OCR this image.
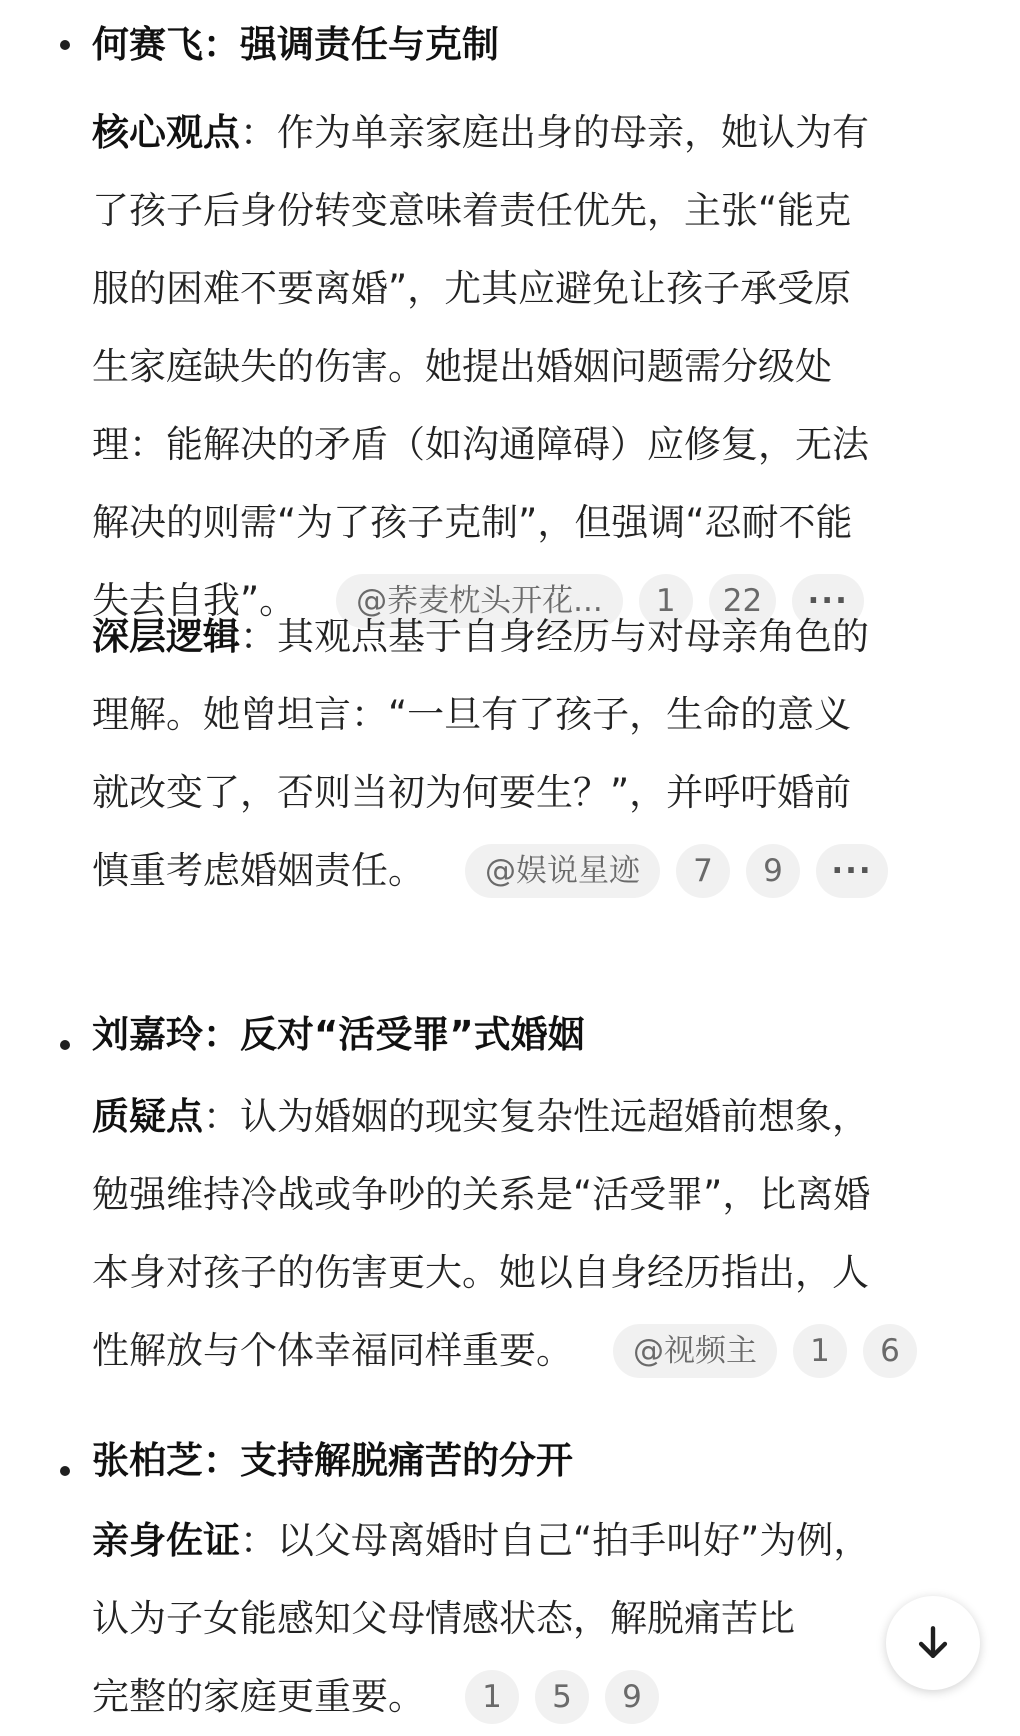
何赛飞：强调责任与克制
核心观点 ： 作为单亲家庭出身的母亲，她认为有
了孩子后身份转变意味着责任优先，主张“能克
服的困难不要离婚”，尤其应避免让孩子承受原
生家庭缺失的伤害。她提出婚姻问题需分级处
理：能解决的矛盾（如沟通障碍）应修复，无法
解决的则需“为了孩子克制”，但强调“忍耐不能
失去自我”。	@荞麦枕头开花...	1	22	···
深层逻辑 ： 其观点基于自身经历与对母亲角色的
理解。她曾坦言：“一旦有了孩子，生命的意义
就改变了，否则当初为何要生？”，并呼吁婚前
慎重考虑婚姻责任。	@娱说星迹	7	9	···
刘嘉玲：反对“活受罪”式婚姻
质疑点 ： 认为婚姻的现实复杂性远超婚前想象，
勉强维持冷战或争吵的关系是“活受罪”，比离婚
本身对孩子的伤害更大。她以自身经历指出，人
性解放与个体幸福同样重要。	@视频主	1	6
张柏芝：支持解脱痛苦的分开
亲身佐证 ： 以父母离婚时自己“拍手叫好”为例，
认为子女能感知父母情感状态，解脱痛苦比
完整的家庭更重要。	1	5	9
